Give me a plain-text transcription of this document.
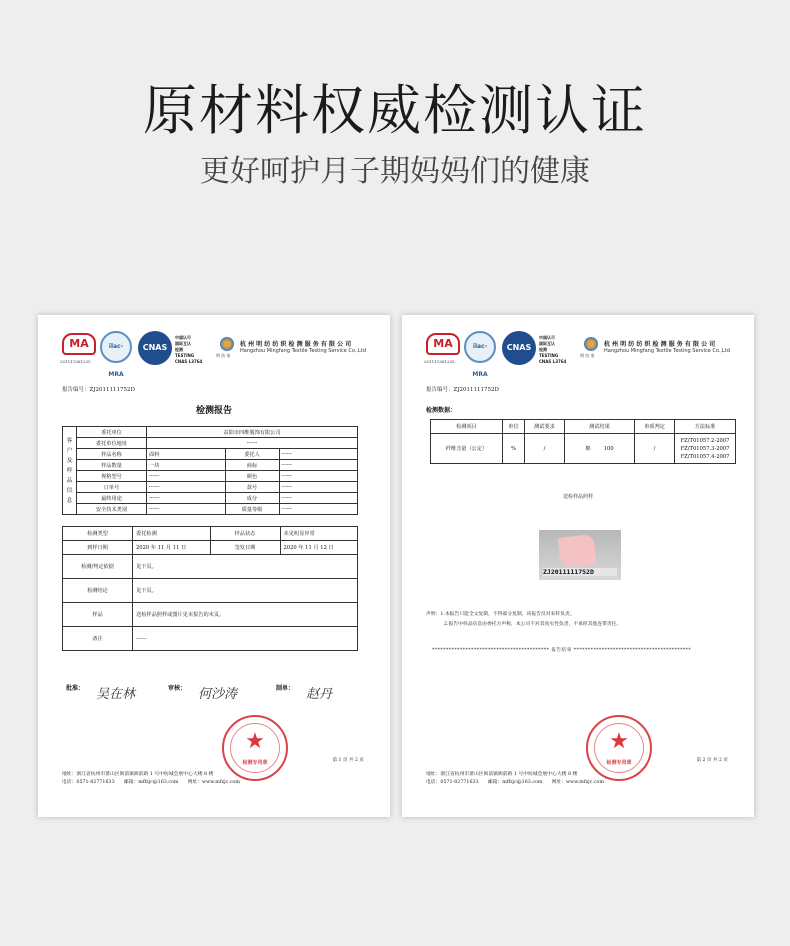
原材料权威检测认证
更好呵护月子期妈妈们的健康
MA
201111361235
ilac-MRA
CNAS
中国认可
国际互认
检测
TESTING
CNAS L3764
明 纺 家
杭 州 明 纺 纺 织 检 测 服 务 有 限 公 司
Hangzhou Mingfang Textile Testing Service Co.,Ltd
报告编号：ZJ2011111752D
检测报告
客户及样品信息	委托单位	益阳市四维服饰有限公司		
	委托单位地址	------		
	样品名称	面料	委托人	------
	样品数量	一块	商标	------
	规格型号	------	颜色	------
	订单号	------	款号	------
	最终用途	------	成分	------
	安全技术类别	------	质量等级	------
检测类型	委托检测	样品状态	未见明显异常
到样日期	2020 年 11 月 11 日	签发日期	2020 年 11 月 12 日
检测/判定依据	见下页。		
检测结论	见下页。		
样品	送检样品照样或图片见本报告的末页。		
备注	------		
批准： 吴在林	审核： 何沙涛	制单： 赵丹
★
检测专用章	第 1 页 共 2 页
地址：浙江省杭州市萧山区衙前镇衙前路 1 号中纺城会展中心大楼 8 楼
电话：0571-82771633 邮箱：mffzjc@163.com 网址：www.mfzjc.com
MA
201111361235
ilac-MRA
CNAS
中国认可
国际互认
检测
TESTING
CNAS L3764
明 纺 家
杭 州 明 纺 纺 织 检 测 服 务 有 限 公 司
Hangzhou Mingfang Textile Testing Service Co.,Ltd
报告编号：ZJ2011111752D
检测数据：
检测项目	单位	测试要求	测试结果	单项判定	方法标准
纤维含量（公定）	%	/	棉 100	/	FZ/T01057.2-2007
FZ/T01057.3-2007
FZ/T01057.4-2007
送检样品照样
ZJ2011111752D
声明：1.本报告只能全文复制，不得部分复制，该报告仅对来样负责。
2.报告中样品信息由委托方声称，本公司不对其真实性负责，不承担其他连带责任。
****************************************** 报告结束 ******************************************
★
检测专用章	第 2 页 共 2 页
地址：浙江省杭州市萧山区衙前镇衙前路 1 号中纺城会展中心大楼 8 楼
电话：0571-82771633 邮箱：mffzjc@163.com 网址：www.mfzjc.com
